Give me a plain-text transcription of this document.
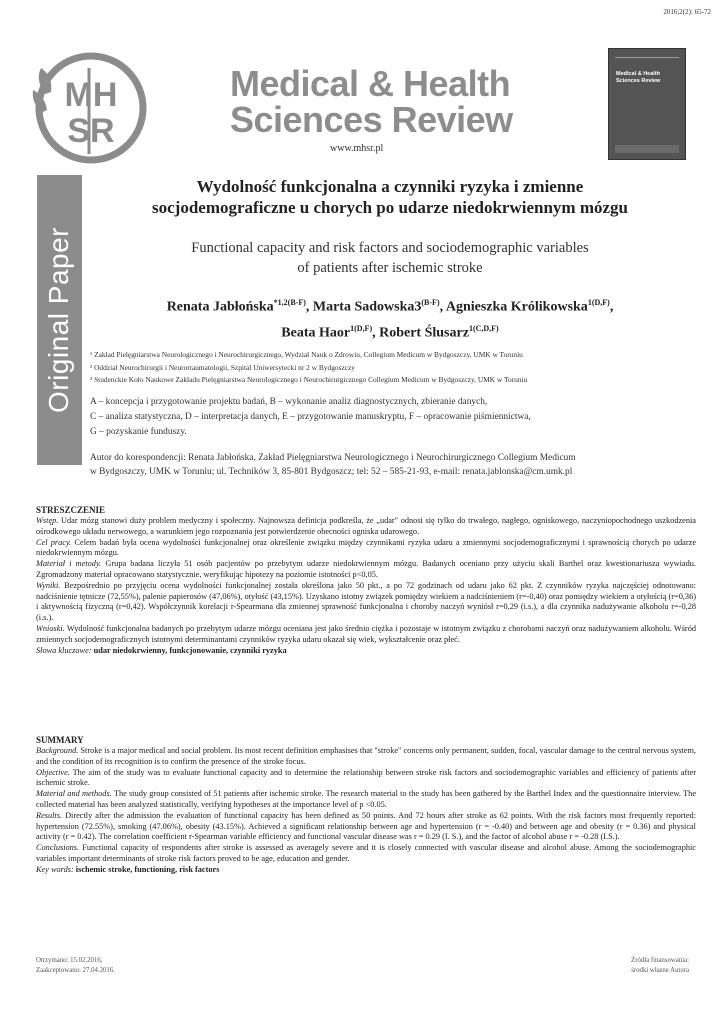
2016;2(2): 65-72
MH
SR
Medical & Health
Sciences Review
www.mhsr.pl
Medical & Health
Sciences Review
Original Paper
Wydolność funkcjonalna a czynniki ryzyka i zmienne
socjodemograficzne u chorych po udarze niedokrwiennym mózgu
Functional capacity and risk factors and sociodemographic variables
of patients after ischemic stroke
Renata Jabłońska$^{*1,2(B-F)}$, Marta $Sadowska3^{(B-F)}$, Agnieszka Królikowska$^{1(D,F)}$,
Beata Haor$^{1(D,F)}$, Robert Ślusarz$^{1(C,D,F)}$
¹ Zakład Pielęgniarstwa Neurologicznego i Neurochirurgicznego, Wydział Nauk o Zdrowiu, Collegium Medicum w Bydgoszczy, UMK w Toruniu
² Oddział Neurochirurgii i Neurotraumatologii, Szpital Uniwersytecki nr 2 w Bydgoszczy
³ Studenckie Koło Naukowe Zakładu Pielęgniarstwa Neurologicznego i Neurochirurgicznego Collegium Medicum w Bydgoszczy, UMK w Toruniu
A – koncepcja i przygotowanie projektu badań, B – wykonanie analiz diagnostycznych, zbieranie danych,
C – analiza statystyczna, D – interpretacja danych, E – przygotowanie manuskryptu, F – opracowanie piśmiennictwa,
G – pozyskanie funduszy.
Autor do korespondencji: Renata Jabłońska, Zakład Pielęgniarstwa Neurologicznego i Neurochirurgicznego Collegium Medicum
w Bydgoszczy, UMK w Toruniu; ul. Techników 3, 85-801 Bydgoszcz; tel: 52 – 585-21-93, e-mail: renata.jablonska@cm.umk.pl
STRESZCZENIE

Wstęp. Udar mózg stanowi duży problem medyczny i społeczny. Najnowsza definicja podkreśla, że „udar" odnosi się tylko do trwałego, nagłego, ogniskowego, naczyniopochodnego uszkodzenia ośrodkowego układu nerwowego, a warunkiem jego rozpoznania jest potwierdzenie obecności ogniska udarowego.

Cel pracy. Celem badań była ocena wydolności funkcjonalnej oraz określenie związku między czynnikami ryzyka udaru a zmiennymi socjodemograficznymi i sprawnością chorych po udarze niedokrwiennym mózgu.

Materiał i metody. Grupa badana liczyła 51 osób pacjentów po przebytym udarze niedokrwiennym mózgu. Badanych oceniano przy użyciu skali Barthel oraz kwestionariusza wywiadu. Zgromadzony materiał opracowano statystycznie, weryfikując hipotezy na poziomie istotności p<0,05.

Wyniki. Bezpośrednio po przyjęciu ocena wydolności funkcjonalnej została określona jako 50 pkt., a po 72 godzinach od udaru jako 62 pkt. Z czynników ryzyka najczęściej odnotowano: nadciśnienie tętnicze (72,55%), palenie papierosów (47,06%), otyłość (43,15%). Uzyskano istotny związek pomiędzy wiekiem a nadciśnieniem (r=-0,40) oraz pomiędzy wiekiem a otyłością (r=0,36) i aktywnością fizyczną (r=0,42). Współczynnik korelacji r-Spearmana dla zmiennej sprawność funkcjonalna i choroby naczyń wyniósł r=0,29 (i.s.), a dla czynnika nadużywanie alkoholu r=-0,28 (i.s.).

Wnioski. Wydolność funkcjonalna badanych po przebytym udarze mózgu oceniana jest jako średnio ciężka i pozostaje w istotnym związku z chorobami naczyń oraz nadużywaniem alkoholu. Wśród zmiennych socjodemograficznych istotnymi determinantami czynników ryzyka udaru okazał się wiek, wykształcenie oraz płeć.

Słowa kluczowe: udar niedokrwienny, funkcjonowanie, czynniki ryzyka

SUMMARY

Background. Stroke is a major medical and social problem. Its most recent definition emphasises that "stroke" concerns only permanent, sudden, focal, vascular damage to the central nervous system, and the condition of its recognition is to confirm the presence of the stroke focus.

Objective. The aim of the study was to evaluate functional capacity and to determine the relationship between stroke risk factors and sociodemographic variables and efficiency of patients after ischemic stroke.

Material and methods. The study group consisted of 51 patients after ischemic stroke. The research material to the study has been gathered by the Barthel Index and the questionnaire interview. The collected material has been analyzed statistically, verifying hypotheses at the importance level of p <0.05.

Results. Directly after the admission the evaluation of functional capacity has been defined as 50 points. And 72 hours after stroke as 62 points. With the risk factors most frequently reported: hypertension (72.55%), smoking (47.06%), obesity (43.15%). Achieved a significant relationship between age and hypertension (r = -0.40) and between age and obesity (r = 0.36) and physical activity (r = 0.42). The correlation coefficient r-Spearman variable efficiency and functional vascular disease was r = 0.29 (I. S.), and the factor of alcohol abuse r = -0.28 (I.S.).

Conclusions. Functional capacity of respondents after stroke is assessed as averagely severe and it is closely connected with vascular disease and alcohol abuse. Among the sociodemographic variables important determinants of stroke risk factors proved to be age, education and gender.

Key words: ischemic stroke, functioning, risk factors

Otrzymano: 15.02.2016,
Zaakceptowano: 27.04.2016.
Źródła finansowania:
środki własne Autora
